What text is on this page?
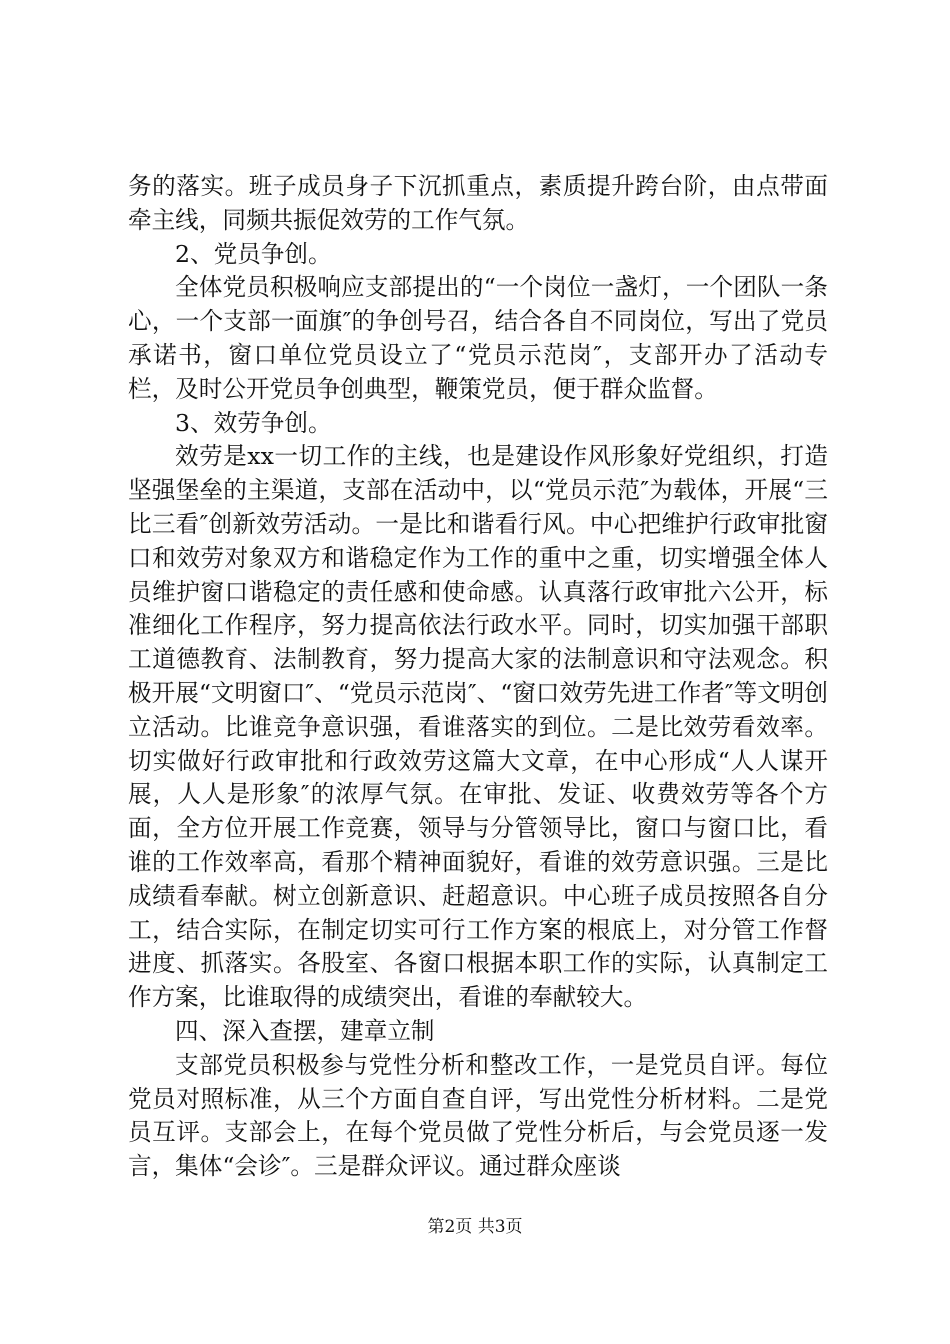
务的落实。班子成员身子下沉抓重点，素质提升跨台阶，由点带面牵主线，同频共振促效劳的工作气氛。

2、党员争创。

全体党员积极响应支部提出的“一个岗位一盏灯，一个团队一条心，一个支部一面旗″的争创号召，结合各自不同岗位，写出了党员承诺书，窗口单位党员设立了“党员示范岗″，支部开办了活动专栏，及时公开党员争创典型，鞭策党员，便于群众监督。

3、效劳争创。

效劳是xx一切工作的主线，也是建设作风形象好党组织，打造坚强堡垒的主渠道，支部在活动中，以“党员示范″为载体，开展“三比三看″创新效劳活动。一是比和谐看行风。中心把维护行政审批窗口和效劳对象双方和谐稳定作为工作的重中之重，切实增强全体人员维护窗口谐稳定的责任感和使命感。认真落行政审批六公开，标准细化工作程序，努力提高依法行政水平。同时，切实加强干部职工道德教育、法制教育，努力提高大家的法制意识和守法观念。积极开展“文明窗口″、“党员示范岗″、“窗口效劳先进工作者″等文明创立活动。比谁竞争意识强，看谁落实的到位。二是比效劳看效率。切实做好行政审批和行政效劳这篇大文章，在中心形成“人人谋开展，人人是形象″的浓厚气氛。在审批、发证、收费效劳等各个方面，全方位开展工作竞赛，领导与分管领导比，窗口与窗口比，看谁的工作效率高，看那个精神面貌好，看谁的效劳意识强。三是比成绩看奉献。树立创新意识、赶超意识。中心班子成员按照各自分工，结合实际，在制定切实可行工作方案的根底上，对分管工作督进度、抓落实。各股室、各窗口根据本职工作的实际，认真制定工作方案，比谁取得的成绩突出，看谁的奉献较大。

四、深入查摆，建章立制

支部党员积极参与党性分析和整改工作，一是党员自评。每位党员对照标准，从三个方面自查自评，写出党性分析材料。二是党员互评。支部会上，在每个党员做了党性分析后，与会党员逐一发言，集体“会诊″。三是群众评议。通过群众座谈

第2页 共3页
